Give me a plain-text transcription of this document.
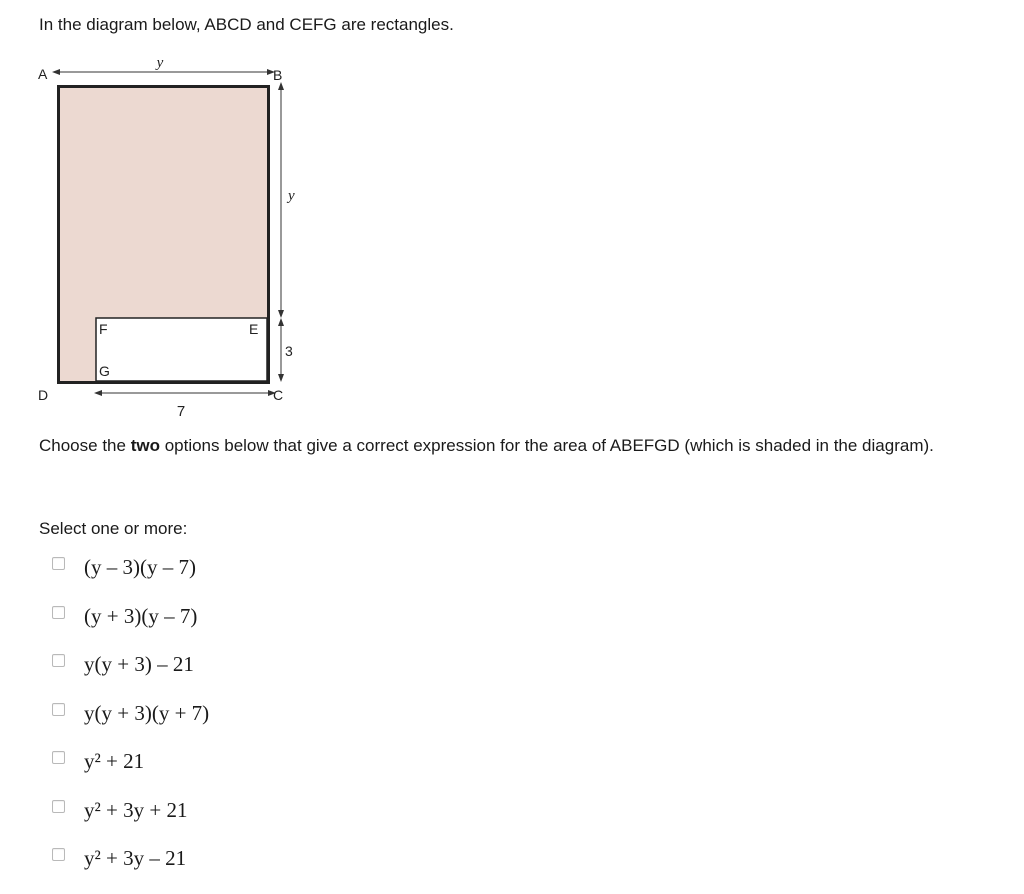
In the diagram below, ABCD and CEFG are rectangles.
y
y
3
7
A	B
C
D
E
F
G
Choose the two options below that give a correct expression for the area of ABEFGD (which is shaded in the diagram).
Select one or more:
(y – 3)(y – 7)
(y + 3)(y – 7)
y(y + 3) – 21
y(y + 3)(y + 7)
y² + 21
y² + 3y + 21
y² + 3y – 21
